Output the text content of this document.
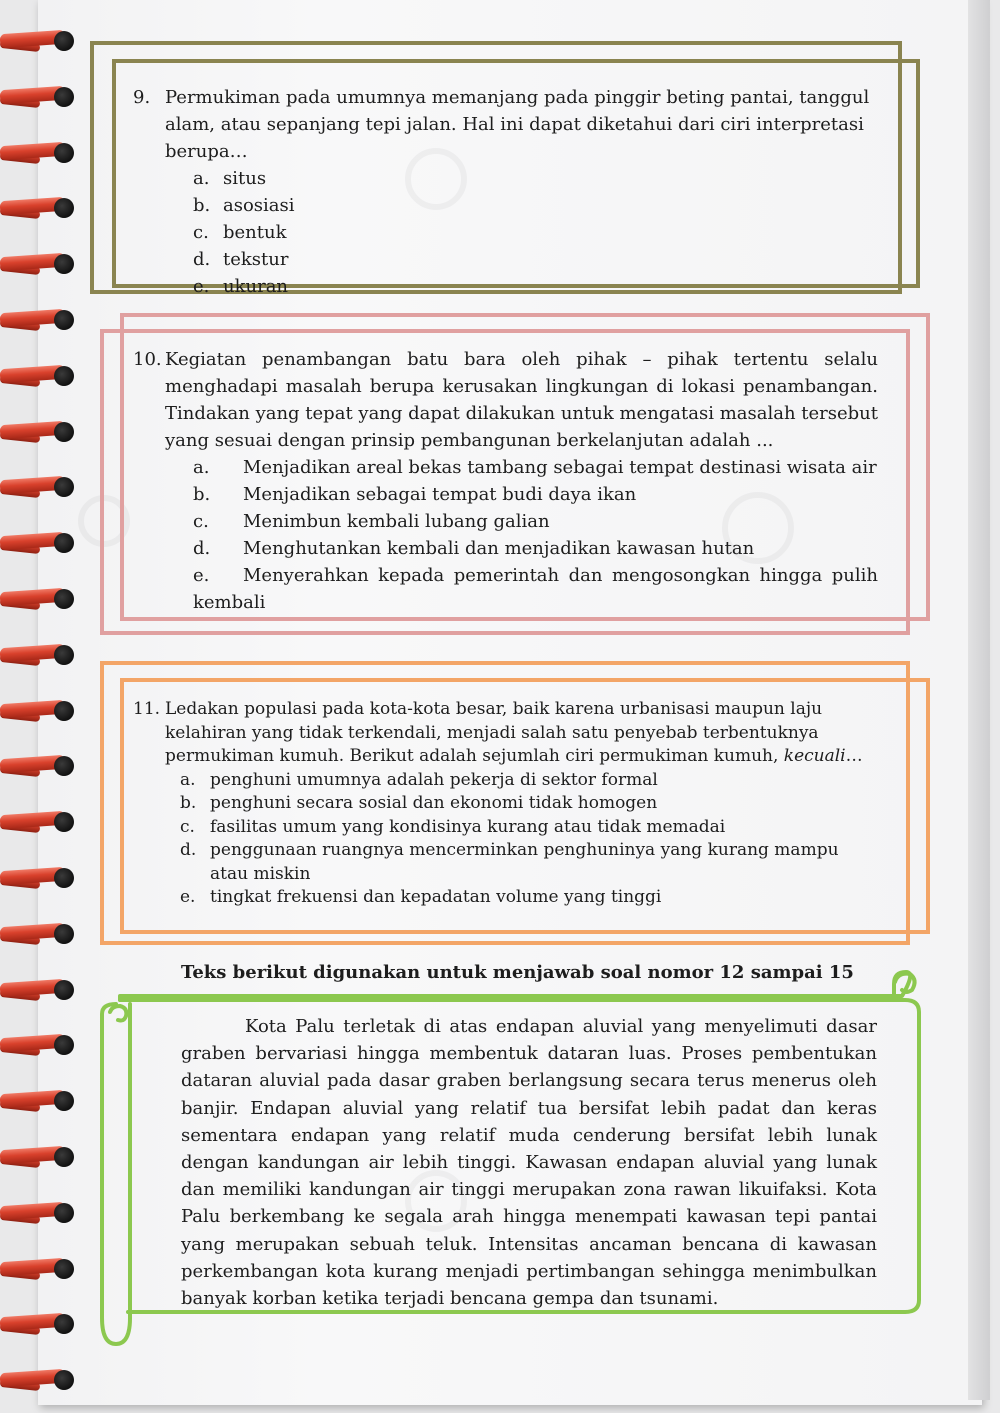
9. Permukiman pada umumnya memanjang pada pinggir beting pantai, tanggul alam, atau sepanjang tepi jalan. Hal ini dapat diketahui dari ciri interpretasi berupa…
a. situs
b. asosiasi
c. bentuk
d. tekstur
e. ukuran
10. Kegiatan penambangan batu bara oleh pihak – pihak tertentu selalu menghadapi masalah berupa kerusakan lingkungan di lokasi penambangan. Tindakan yang tepat yang dapat dilakukan untuk mengatasi masalah tersebut yang sesuai dengan prinsip pembangunan berkelanjutan adalah ...
a.	Menjadikan areal bekas tambang sebagai tempat destinasi wisata air
b.	Menjadikan sebagai tempat budi daya ikan
c.	Menimbun kembali lubang galian
d.	Menghutankan kembali dan menjadikan kawasan hutan
e. Menyerahkan kepada pemerintah dan mengosongkan hingga pulih kembali
11. Ledakan populasi pada kota-kota besar, baik karena urbanisasi maupun laju kelahiran yang tidak terkendali, menjadi salah satu penyebab terbentuknya permukiman kumuh. Berikut adalah sejumlah ciri permukiman kumuh, kecuali…
a. penghuni umumnya adalah pekerja di sektor formal
b. penghuni secara sosial dan ekonomi tidak homogen
c. fasilitas umum yang kondisinya kurang atau tidak memadai
d. penggunaan ruangnya mencerminkan penghuninya yang kurang mampu atau miskin
e. tingkat frekuensi dan kepadatan volume yang tinggi
Teks berikut digunakan untuk menjawab soal nomor 12 sampai 15
Kota Palu terletak di atas endapan aluvial yang menyelimuti dasar graben bervariasi hingga membentuk dataran luas. Proses pembentukan dataran aluvial pada dasar graben berlangsung secara terus menerus oleh banjir. Endapan aluvial yang relatif tua bersifat lebih padat dan keras sementara endapan yang relatif muda cenderung bersifat lebih lunak dengan kandungan air lebih tinggi. Kawasan endapan aluvial yang lunak dan memiliki kandungan air tinggi merupakan zona rawan likuifaksi. Kota Palu berkembang ke segala arah hingga menempati kawasan tepi pantai yang merupakan sebuah teluk. Intensitas ancaman bencana di kawasan perkembangan kota kurang menjadi pertimbangan sehingga menimbulkan banyak korban ketika terjadi bencana gempa dan tsunami.
